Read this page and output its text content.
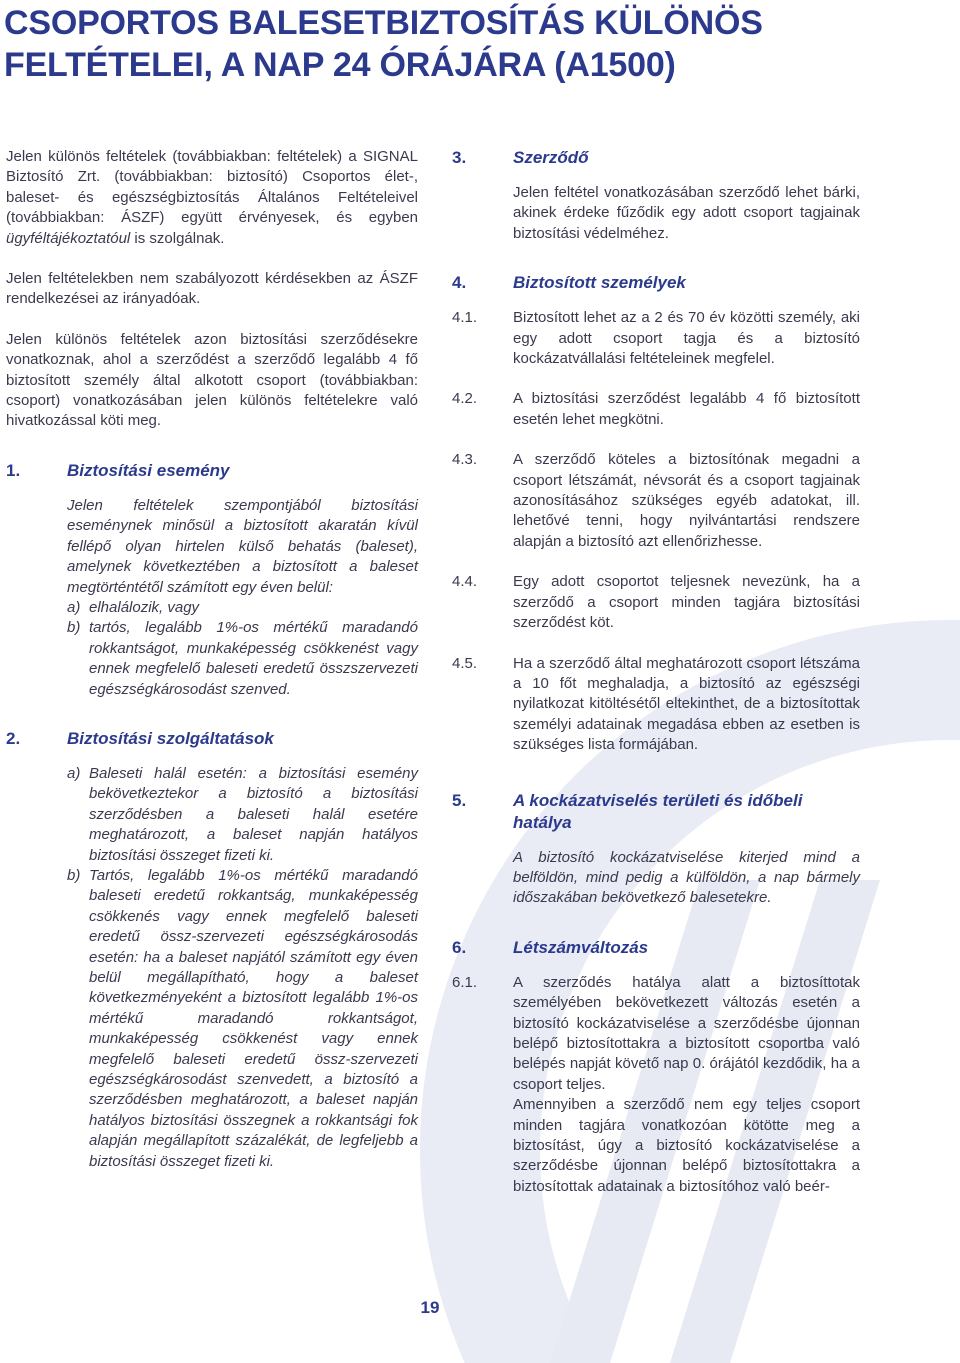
CSOPORTOS BALESETBIZTOSÍTÁS KÜLÖNÖS
FELTÉTELEI, A NAP 24 ÓRÁJÁRA (A1500)

Jelen különös feltételek (továbbiakban: feltételek) a SIGNAL Biztosító Zrt. (továbbiakban: biztosító) Csoportos élet-, baleset- és egészségbiztosítás Általános Feltételeivel (továbbiakban: ÁSZF) együtt érvényesek, és egyben ügyféltájékoztatóul is szolgálnak.

Jelen feltételekben nem szabályozott kérdésekben az ÁSZF rendelkezései az irányadóak.

Jelen különös feltételek azon biztosítási szerződésekre vonatkoznak, ahol a szerződést a szerződő legalább 4 fő biztosított személy által alkotott csoport (továbbiakban: csoport) vonatkozásában jelen különös feltételekre való hivatkozással köti meg.

1.	Biztosítási esemény

Jelen feltételek szempontjából biztosítási eseménynek minősül a biztosított akaratán kívül fellépő olyan hirtelen külső behatás (baleset), amelynek következtében a biztosított a baleset megtörténtétől számított egy éven belül:

a) elhalálozik, vagy

b) tartós, legalább 1%-os mértékű maradandó rokkantságot, munkaképesség csökkenést vagy ennek megfelelő baleseti eredetű összszervezeti egészségkárosodást szenved.

2.	Biztosítási szolgáltatások
a) Baleseti halál esetén: a biztosítási esemény bekövetkeztekor a biztosító a biztosítási szerződésben a baleseti halál esetére meghatározott, a baleset napján hatályos biztosítási összeget fizeti ki.

b) Tartós, legalább 1%-os mértékű maradandó baleseti eredetű rokkantság, munkaképesség csökkenés vagy ennek megfelelő baleseti eredetű össz-szervezeti egészségkárosodás esetén: ha a baleset napjától számított egy éven belül megállapítható, hogy a baleset következményeként a biztosított legalább 1%-os mértékű maradandó rokkantságot, munkaképesség csökkenést vagy ennek megfelelő baleseti eredetű össz-szervezeti egészségkárosodást szenvedett, a biztosító a szerződésben meghatározott, a baleset napján hatályos biztosítási összegnek a rokkantsági fok alapján megállapított százalékát, de legfeljebb a biztosítási összeget fizeti ki.

3.	Szerződő

Jelen feltétel vonatkozásában szerződő lehet bárki, akinek érdeke fűződik egy adott csoport tagjainak biztosítási védelméhez.

4.	Biztosított személyek
4.1.	Biztosított lehet az a 2 és 70 év közötti személy, aki egy adott csoport tagja és a biztosító kockázatvállalási feltételeinek megfelel.

4.2.	A biztosítási szerződést legalább 4 fő biztosított esetén lehet megkötni.

4.3.	A szerződő köteles a biztosítónak megadni a csoport létszámát, névsorát és a csoport tagjainak azonosításához szükséges egyéb adatokat, ill. lehetővé tenni, hogy nyilvántartási rendszere alapján a biztosító azt ellenőrizhesse.

4.4.	Egy adott csoportot teljesnek nevezünk, ha a szerződő a csoport minden tagjára biztosítási szerződést köt.

4.5.	Ha a szerződő által meghatározott csoport létszáma a 10 főt meghaladja, a biztosító az egészségi nyilatkozat kitöltésétől eltekinthet, de a biztosítottak személyi adatainak megadása ebben az esetben is szükséges lista formájában.

5.	A kockázatviselés területi és időbeli hatálya

A biztosító kockázatviselése kiterjed mind a belföldön, mind pedig a külföldön, a nap bármely időszakában bekövetkező balesetekre.

6.	Létszámváltozás
6.1.	A szerződés hatálya alatt a biztosíttotak személyében bekövetkezett változás esetén a biztosító kockázatviselése a szerződésbe újonnan belépő biztosítottakra a biztosított csoportba való belépés napját követő nap 0. órájától kezdődik, ha a csoport teljes.

Amennyiben a szerződő nem egy teljes csoport minden tagjára vonatkozóan kötötte meg a biztosítást, úgy a biztosító kockázatviselése a szerződésbe újonnan belépő biztosítottakra a biztosítottak adatainak a biztosítóhoz való beér-

19
